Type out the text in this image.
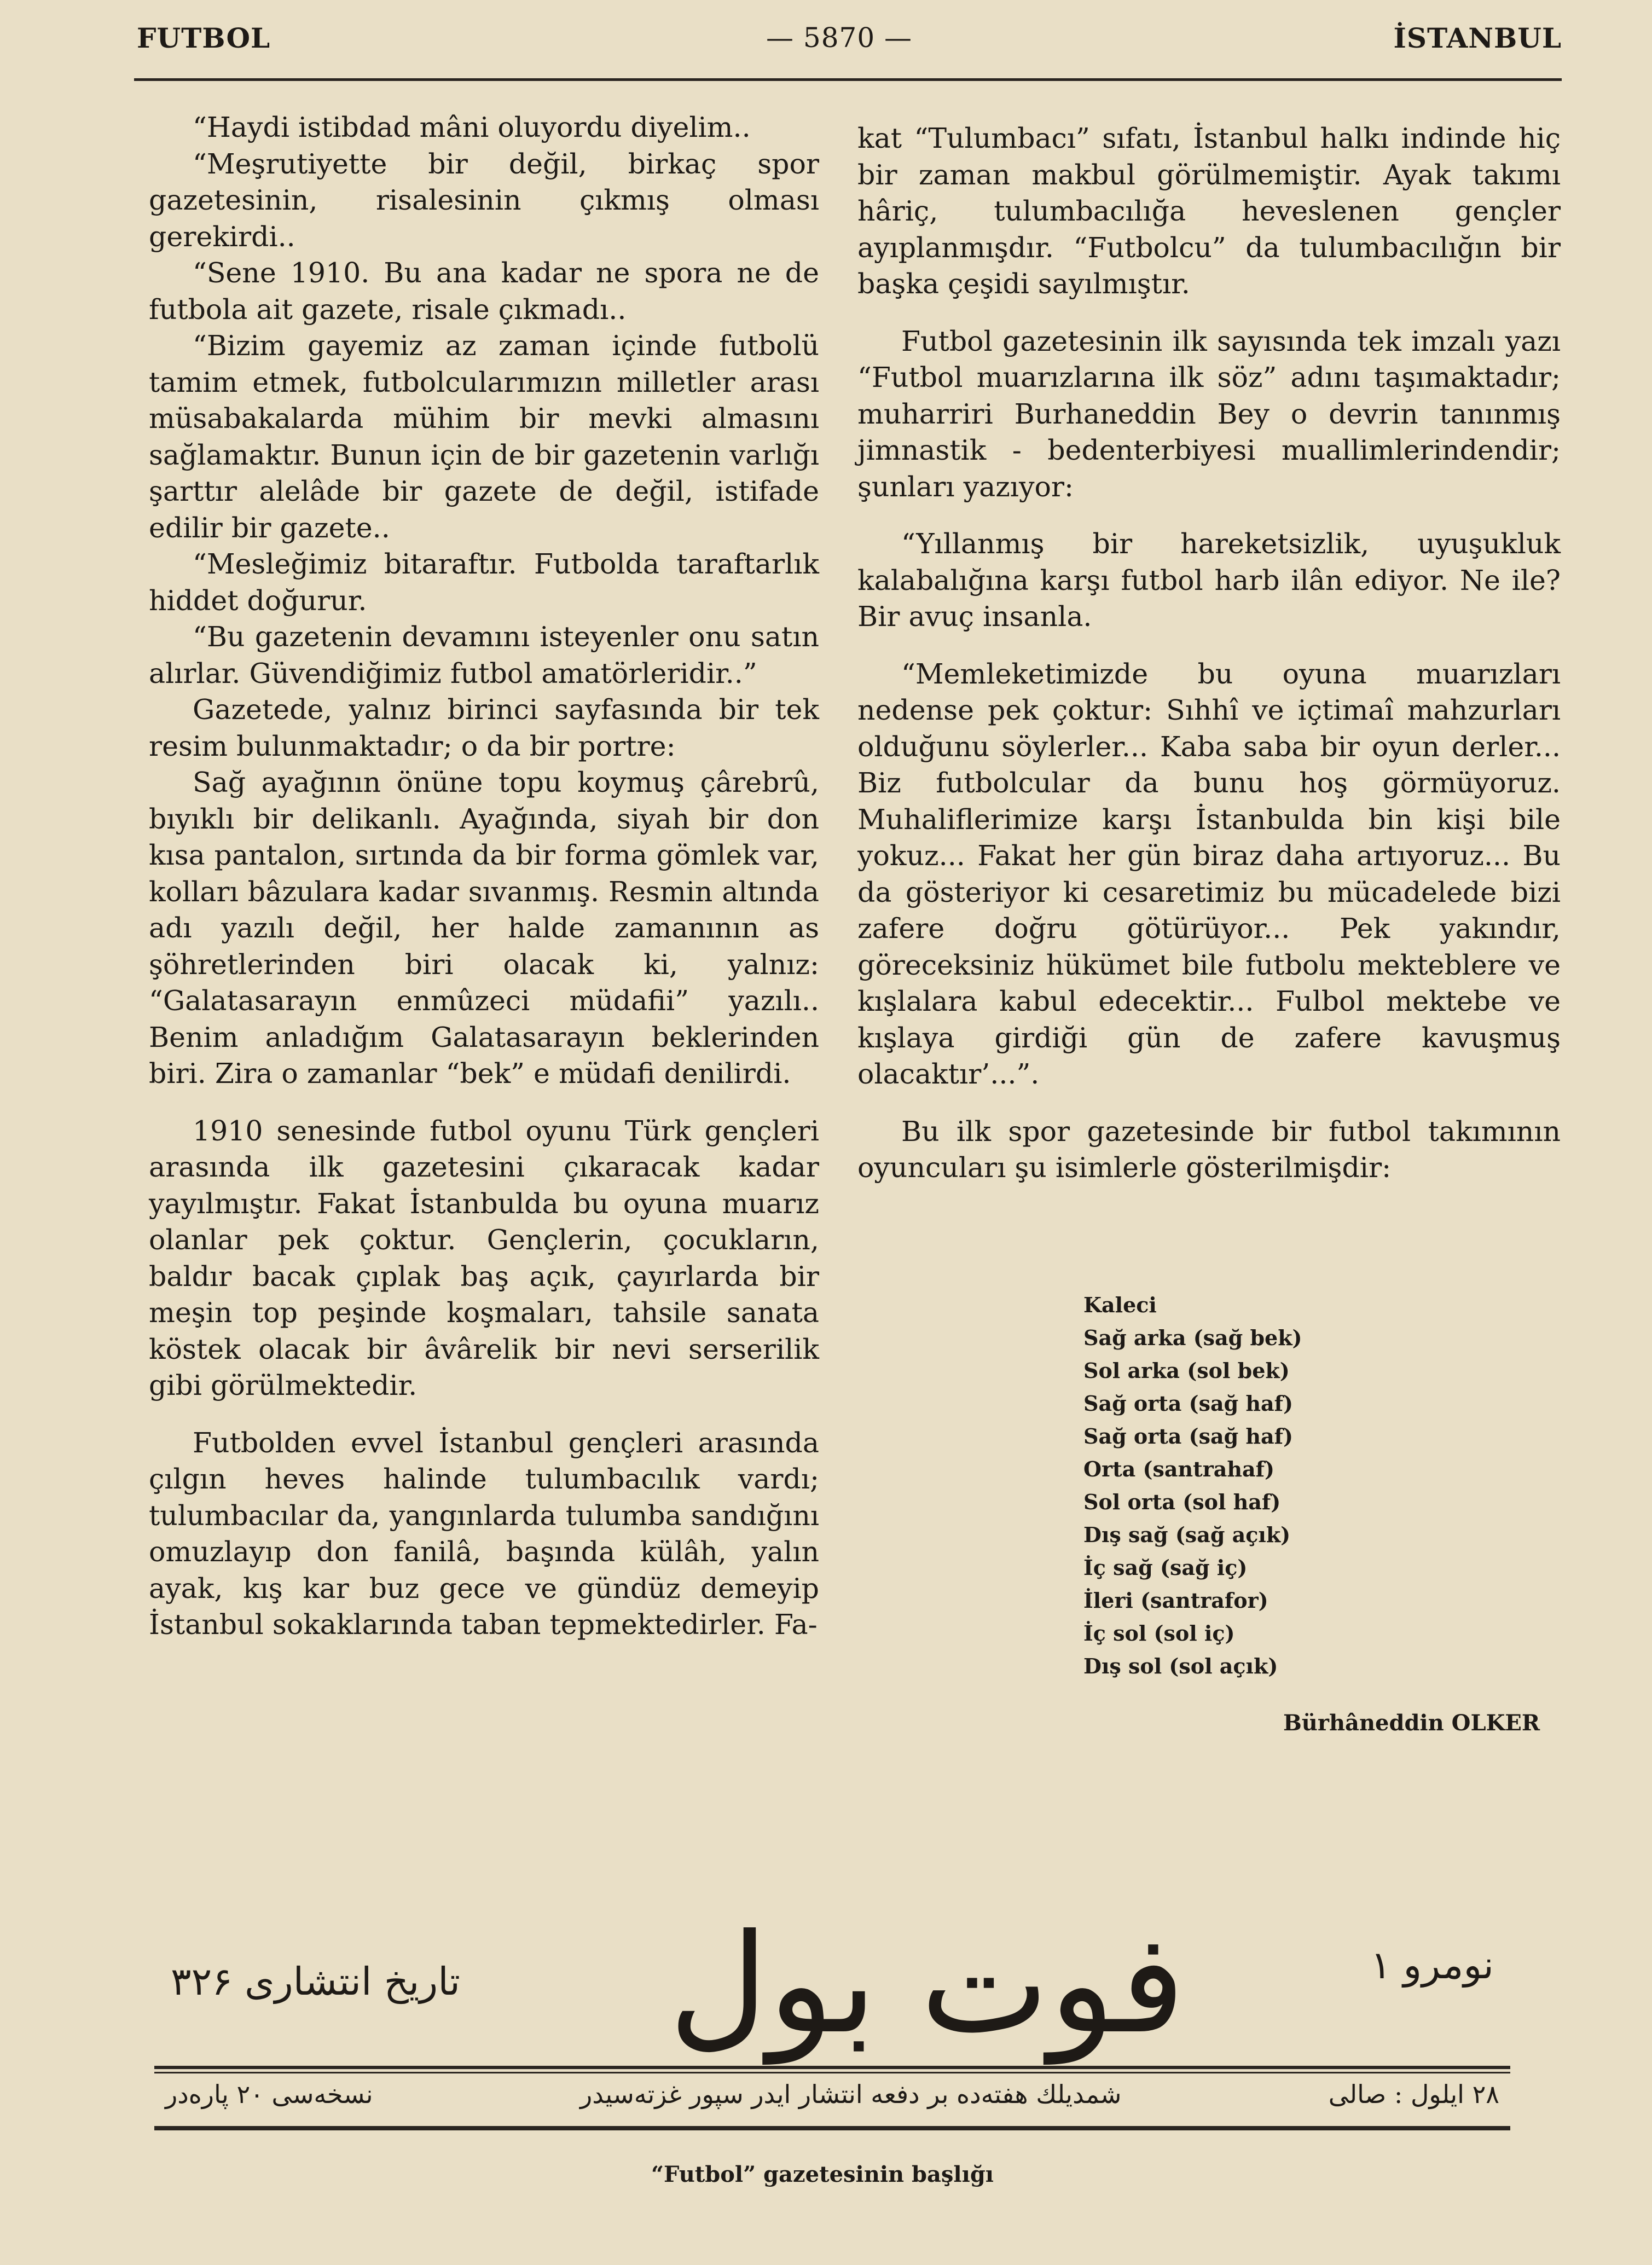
FUTBOL	— 5870 —	İSTANBUL

“Haydi istibdad mâni oluyordu diyelim..

“Meşrutiyette bir değil, birkaç spor gazetesinin, risalesinin çıkmış olması gerekirdi..

“Sene 1910. Bu ana kadar ne spora ne de futbola ait gazete, risale çıkmadı..

“Bizim gayemiz az zaman içinde futbolü tamim etmek, futbolcularımızın milletler arası müsabakalarda mühim bir mevki almasını sağlamaktır. Bunun için de bir gazetenin varlığı şarttır alelâde bir gazete de değil, istifade edilir bir gazete..

“Mesleğimiz bitaraftır. Futbolda taraftarlık hiddet doğurur.

“Bu gazetenin devamını isteyenler onu satın alırlar. Güvendiğimiz futbol amatörleridir..”

Gazetede, yalnız birinci sayfasında bir tek resim bulunmaktadır; o da bir portre:

Sağ ayağının önüne topu koymuş çârebrû, bıyıklı bir delikanlı. Ayağında, siyah bir don kısa pantalon, sırtında da bir forma gömlek var, kolları bâzulara kadar sıvanmış. Resmin altında adı yazılı değil, her halde zamanının as şöhretlerinden biri olacak ki, yalnız: “Galatasarayın enmûzeci müdafii” yazılı.. Benim anladığım Galatasarayın beklerinden biri. Zira o zamanlar “bek” e müdafi denilirdi.

1910 senesinde futbol oyunu Türk gençleri arasında ilk gazetesini çıkaracak kadar yayılmıştır. Fakat İstanbulda bu oyuna muarız olanlar pek çoktur. Gençlerin, çocukların, baldır bacak çıplak baş açık, çayırlarda bir meşin top peşinde koşmaları, tahsile sanata köstek olacak bir âvârelik bir nevi serserilik gibi görülmektedir.

Futbolden evvel İstanbul gençleri arasında çılgın heves halinde tulumbacılık vardı; tulumbacılar da, yangınlarda tulumba sandığını omuzlayıp don fanilâ, başında külâh, yalın ayak, kış kar buz gece ve gündüz demeyip İstanbul sokaklarında taban tepmektedirler. Fa-

kat “Tulumbacı” sıfatı, İstanbul halkı indinde hiç bir zaman makbul görülmemiştir. Ayak takımı hâriç, tulumbacılığa heveslenen gençler ayıplanmışdır. “Futbolcu” da tulumbacılığın bir başka çeşidi sayılmıştır.

Futbol gazetesinin ilk sayısında tek imzalı yazı “Futbol muarızlarına ilk söz” adını taşımaktadır; muharriri Burhaneddin Bey o devrin tanınmış jimnastik - bedenterbiyesi muallimlerindendir; şunları yazıyor:

“Yıllanmış bir hareketsizlik, uyuşukluk kalabalığına karşı futbol harb ilân ediyor. Ne ile? Bir avuç insanla.

“Memleketimizde bu oyuna muarızları nedense pek çoktur: Sıhhî ve içtimaî mahzurları olduğunu söylerler... Kaba saba bir oyun derler... Biz futbolcular da bunu hoş görmüyoruz. Muhaliflerimize karşı İstanbulda bin kişi bile yokuz... Fakat her gün biraz daha artıyoruz... Bu da gösteriyor ki cesaretimiz bu mücadelede bizi zafere doğru götürüyor... Pek yakındır, göreceksiniz hükümet bile futbolu mekteblere ve kışlalara kabul edecektir... Fulbol mektebe ve kışlaya girdiği gün de zafere kavuşmuş olacaktır’...”.

Bu ilk spor gazetesinde bir futbol takımının oyuncuları şu isimlerle gösterilmişdir:

Kaleci
Sağ arka (sağ bek)
Sol arka (sol bek)
Sağ orta (sağ haf)
Sağ orta (sağ haf)
Orta (santrahaf)
Sol orta (sol haf)
Dış sağ (sağ açık)
İç sağ (sağ iç)
İleri (santrafor)
İç sol (sol iç)
Dış sol (sol açık)
Bürhâneddin OLKER
تاریخ انتشاری ۳۲۶ فوت بول	نومرو ۱
۲۸ ایلول : صالی
شمدیلك هفته‌ده بر دفعه انتشار ایدر سپور غزته‌سیدر
نسخه‌سی ۲۰ پاره‌در
“Futbol” gazetesinin başlığı
